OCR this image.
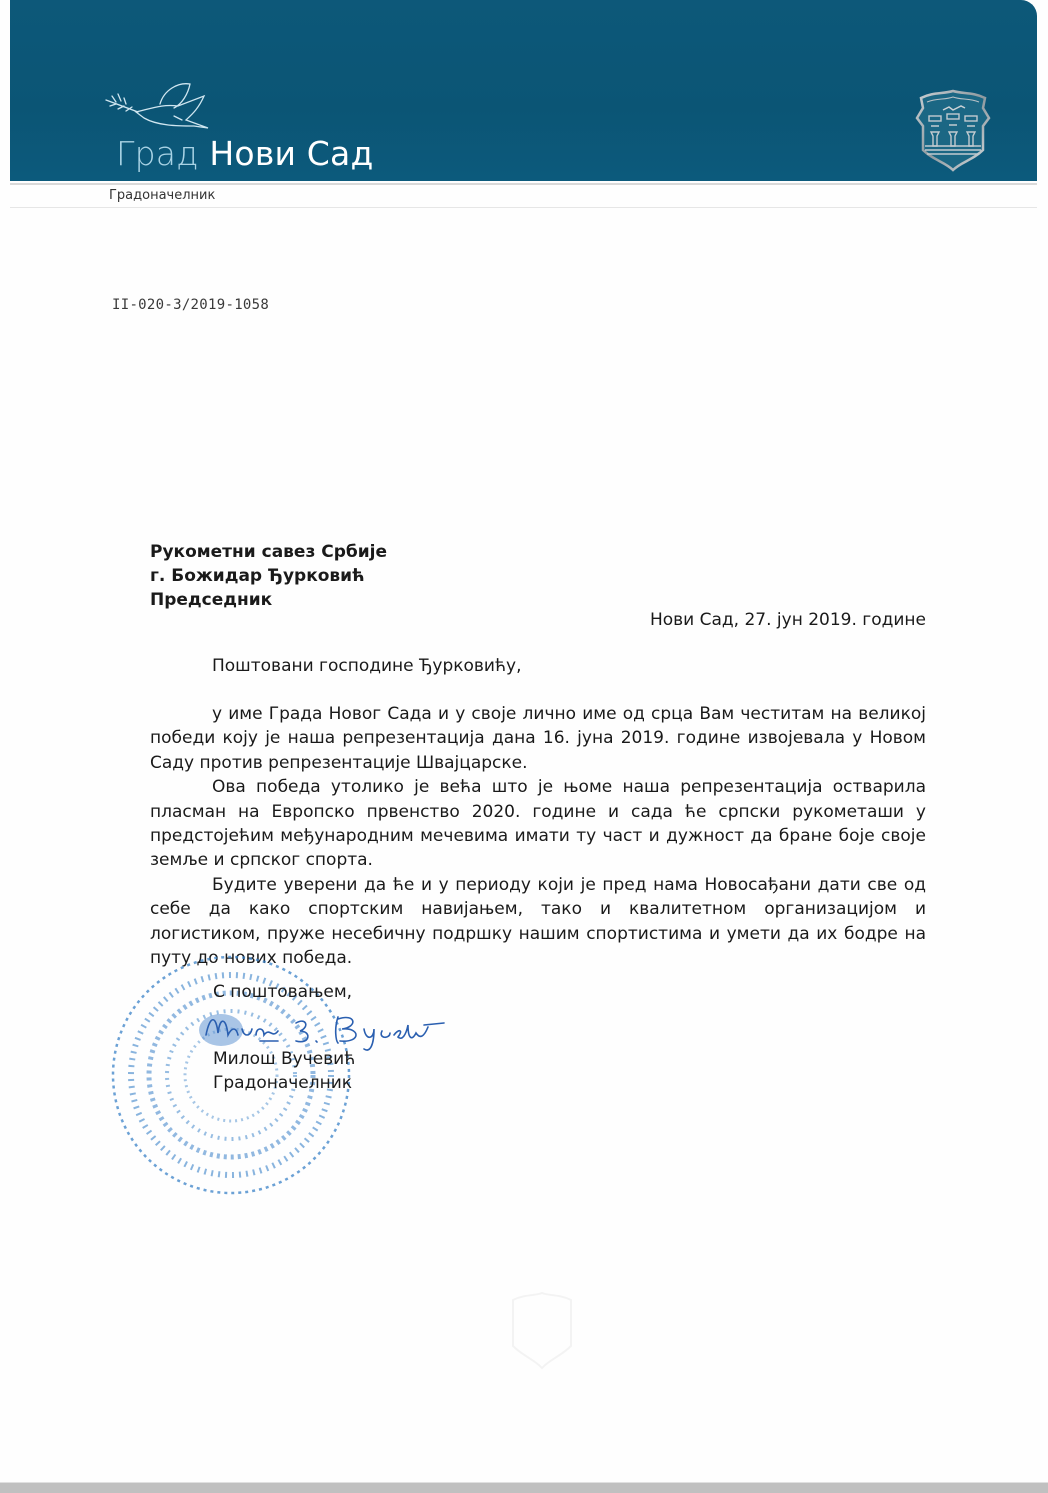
Град Нови Сад
Градоначелник
II-020-3/2019-1058
Рукометни савез Србије
г. Божидар Ђурковић
Председник
Нови Сад, 27. јун 2019. године
Поштовани господине Ђурковићу,

у име Града Новог Сада и у своје лично име од срца Вам честитам на великој победи коју је наша репрезентација дана 16. јуна 2019. године извојевала у Новом Саду против репрезентације Швајцарске.

Ова победа утолико је већа што је њоме наша репрезентација остварила пласман на Европско првенство 2020. године и сада ће српски рукометаши у предстојећим међународним мечевима имати ту част и дужност да бране боје своје земље и српског спорта.

Будите уверени да ће и у периоду који је пред нама Новосађани дати све од себе да како спортским навијањем, тако и квалитетном организацијом и логистиком, пруже несебичну подршку нашим спортистима и умети да их бодре на путу до нових победа.

С поштовањем,
Милош Вучевић
Градоначелник
